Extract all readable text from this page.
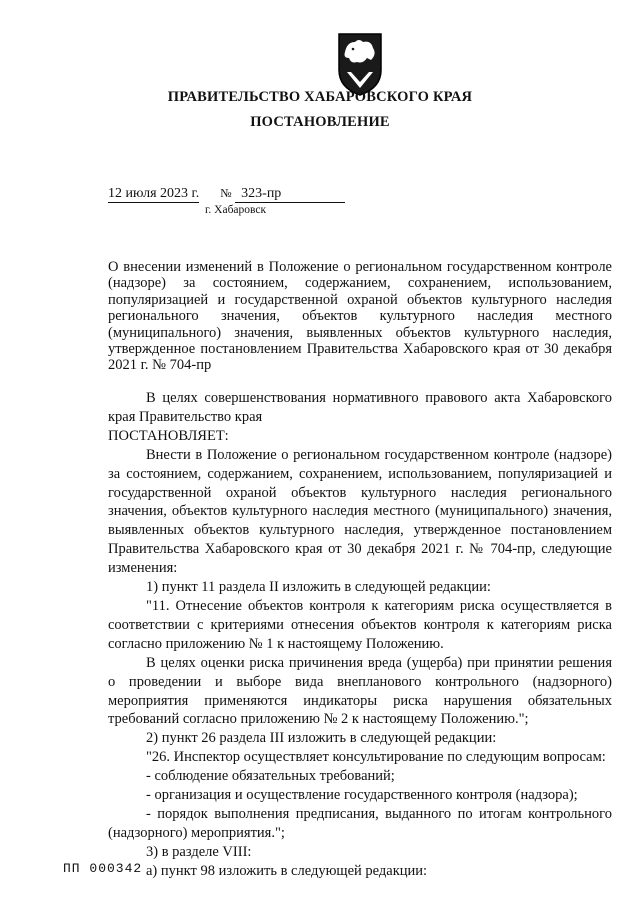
ПРАВИТЕЛЬСТВО ХАБАРОВСКОГО КРАЯ
ПОСТАНОВЛЕНИЕ
12 июля 2023 г. № 323-пр
г. Хабаровск
О внесении изменений в Положение о региональном государственном контроле (надзоре) за состоянием, содержанием, сохранением, использованием, популяризацией и государственной охраной объектов культурного наследия регионального значения, объектов культурного наследия местного (муниципального) значения, выявленных объектов культурного наследия, утвержденное постановлением Правительства Хабаровского края от 30 декабря 2021 г. № 704-пр

В целях совершенствования нормативного правового акта Хабаровского края Правительство края

ПОСТАНОВЛЯЕТ:

Внести в Положение о региональном государственном контроле (надзоре) за состоянием, содержанием, сохранением, использованием, популяризацией и государственной охраной объектов культурного наследия регионального значения, объектов культурного наследия местного (муниципального) значения, выявленных объектов культурного наследия, утвержденное постановлением Правительства Хабаровского края от 30 декабря 2021 г. № 704-пр, следующие изменения:

1) пункт 11 раздела II изложить в следующей редакции:

"11. Отнесение объектов контроля к категориям риска осуществляется в соответствии с критериями отнесения объектов контроля к категориям риска согласно приложению № 1 к настоящему Положению.

В целях оценки риска причинения вреда (ущерба) при принятии решения о проведении и выборе вида внепланового контрольного (надзорного) мероприятия применяются индикаторы риска нарушения обязательных требований согласно приложению № 2 к настоящему Положению.";

2) пункт 26 раздела III изложить в следующей редакции:

"26. Инспектор осуществляет консультирование по следующим вопросам:

- соблюдение обязательных требований;

- организация и осуществление государственного контроля (надзора);

- порядок выполнения предписания, выданного по итогам контрольного (надзорного) мероприятия.";

3) в разделе VIII:

а) пункт 98 изложить в следующей редакции:

ПП 000342
